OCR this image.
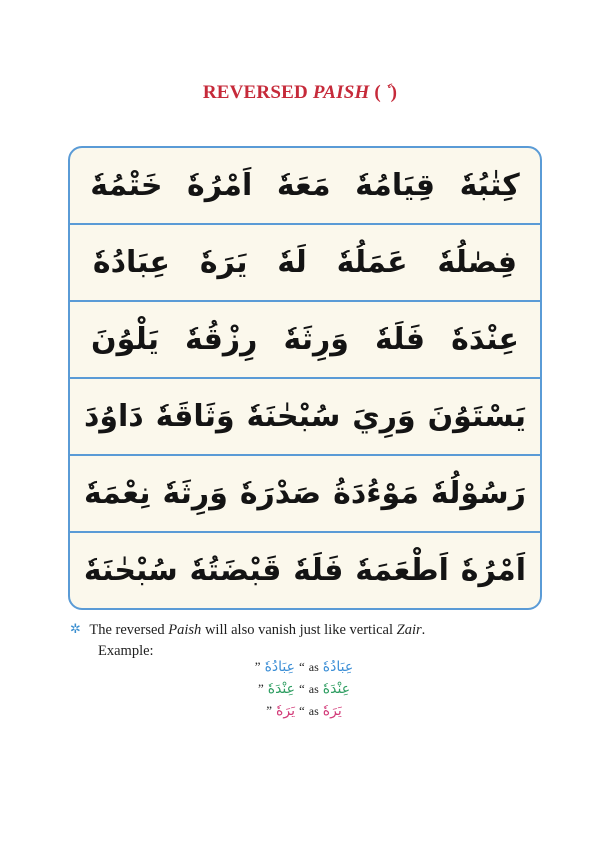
REVERSED PAISH ( )
كِتٰبُهٗ
قِيَامُهٗ
مَعَهٗ
اَمْرُهٗ
خَتْمُهٗ
فِصٰلُهٗ
عَمَلُهٗ
لَهٗ
يَرَهٗ
عِبَادُهٗ
عِنْدَهٗ
فَلَهٗ
وَرِثَهٗ
رِزْقُهٗ
يَلْوُنَ
يَسْتَوُنَ
وَرِيَ
سُبْحٰنَهٗ
وَثَاقَهٗ
دَاوُدَ
رَسُوْلُهٗ
مَوْءُدَةُ
صَدْرَهٗ
وَرِثَهٗ
نِعْمَهٗ
اَمْرُهٗ
اَطْعَمَهٗ
فَلَهٗ
قَبْضَتُهٗ
سُبْحٰنَهٗ
✲ The reversed Paish will also vanish just like vertical Zair.
Example:
” عِبَادُهٗ “ as عِبَادُهٗ
” عِنْدَهٗ “ as عِنْدَهٗ
” يَرَهٗ “ as يَرَهٗ
